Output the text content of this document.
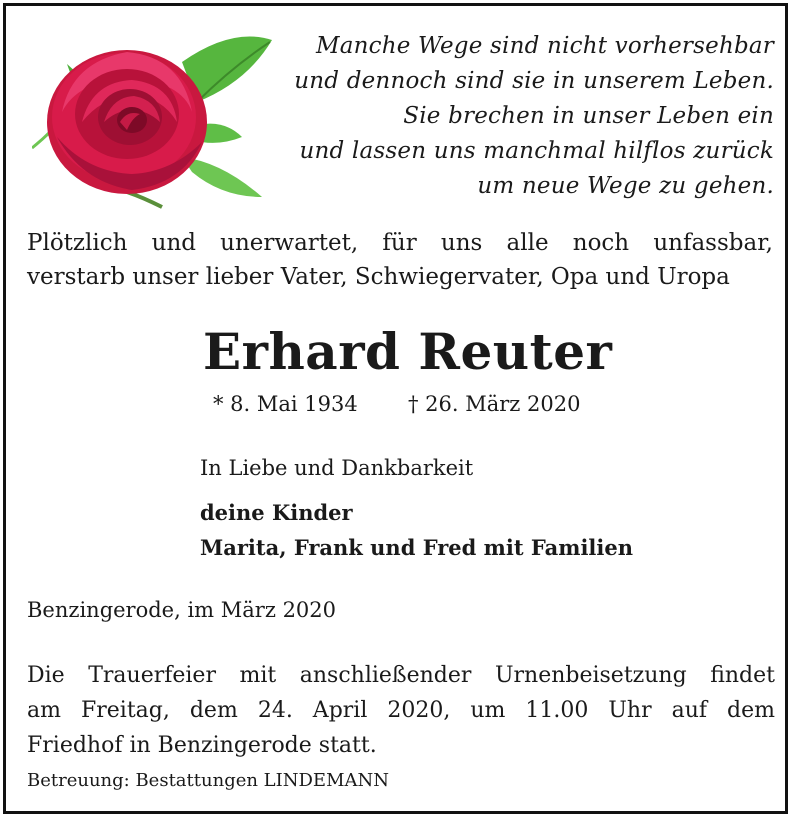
Manche Wege sind nicht vorhersehbar
und dennoch sind sie in unserem Leben.
Sie brechen in unser Leben ein
und lassen uns manchmal hilflos zurück
um neue Wege zu gehen.
Plötzlich und unerwartet, für uns alle noch unfassbar,
verstarb unser lieber Vater, Schwiegervater, Opa und Uropa
Erhard Reuter
* 8. Mai 1934 † 26. März 2020
In Liebe und Dankbarkeit
deine Kinder
Marita, Frank und Fred mit Familien
Benzingerode, im März 2020
Die Trauerfeier mit anschließender Urnenbeisetzung findet
am Freitag, dem 24. April 2020, um 11.00 Uhr auf dem
Friedhof in Benzingerode statt.
Betreuung: Bestattungen LINDEMANN
